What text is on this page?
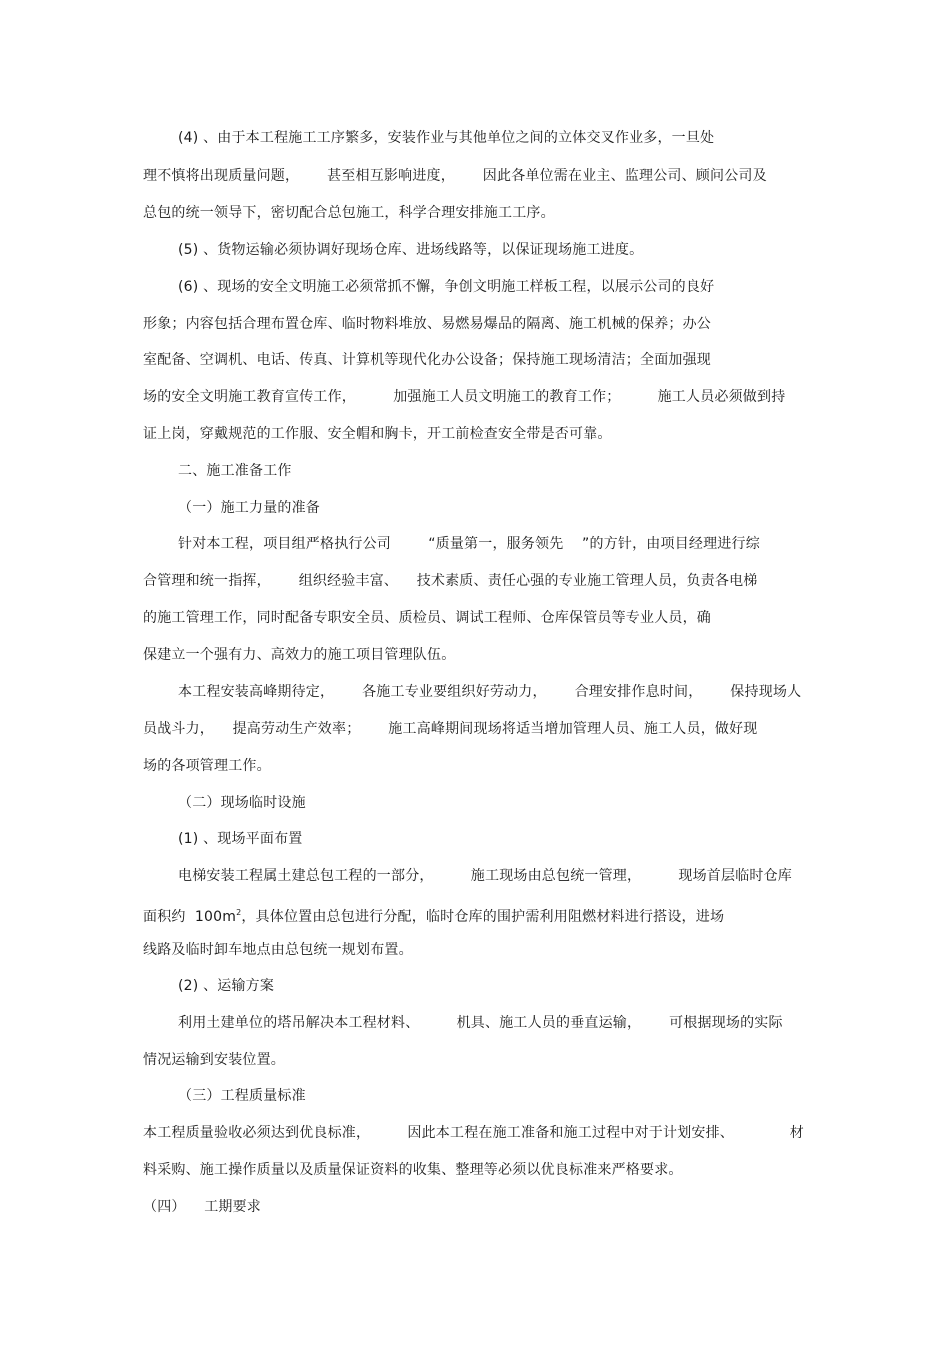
(4) 、由于本工程施工工序繁多，安装作业与其他单位之间的立体交叉作业多，一旦处
理不慎将出现质量问题，      甚至相互影响进度，      因此各单位需在业主、监理公司、顾问公司及
总包的统一领导下，密切配合总包施工，科学合理安排施工工序。
(5) 、货物运输必须协调好现场仓库、进场线路等，以保证现场施工进度。
(6) 、现场的安全文明施工必须常抓不懈，争创文明施工样板工程，以展示公司的良好
形象；内容包括合理布置仓库、临时物料堆放、易燃易爆品的隔离、施工机械的保养；办公
室配备、空调机、电话、传真、计算机等现代化办公设备；保持施工现场清洁；全面加强现
场的安全文明施工教育宣传工作，        加强施工人员文明施工的教育工作；        施工人员必须做到持
证上岗，穿戴规范的工作服、安全帽和胸卡，开工前检查安全带是否可靠。
二、施工准备工作
（一）施工力量的准备
针对本工程，项目组严格执行公司        “质量第一，服务领先    ”的方针，由项目经理进行综
合管理和统一指挥，      组织经验丰富、    技术素质、责任心强的专业施工管理人员，负责各电梯
的施工管理工作，同时配备专职安全员、质检员、调试工程师、仓库保管员等专业人员，确
保建立一个强有力、高效力的施工项目管理队伍。
本工程安装高峰期待定，      各施工专业要组织好劳动力，      合理安排作息时间，      保持现场人
员战斗力，    提高劳动生产效率；      施工高峰期间现场将适当增加管理人员、施工人员，做好现
场的各项管理工作。
（二）现场临时设施
(1) 、现场平面布置
电梯安装工程属土建总包工程的一部分，        施工现场由总包统一管理，        现场首层临时仓库
面积约  $100m^2$，具体位置由总包进行分配，临时仓库的围护需利用阻燃材料进行搭设，进场
线路及临时卸车地点由总包统一规划布置。
(2) 、运输方案
利用土建单位的塔吊解决本工程材料、        机具、施工人员的垂直运输，      可根据现场的实际
情况运输到安装位置。
（三）工程质量标准
本工程质量验收必须达到优良标准，        因此本工程在施工准备和施工过程中对于计划安排、            材
料采购、施工操作质量以及质量保证资料的收集、整理等必须以优良标准来严格要求。
（四）    工期要求
